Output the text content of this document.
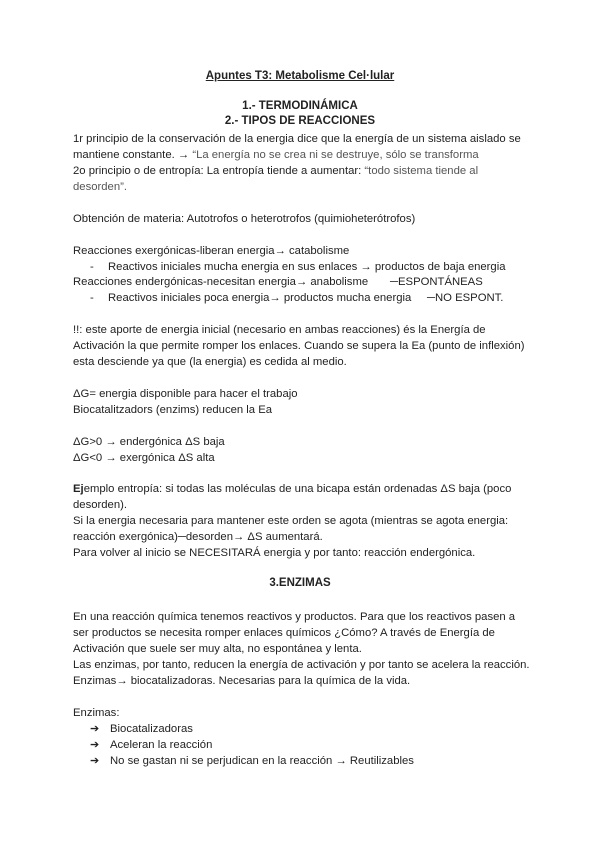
Apuntes T3: Metabolisme Cel·lular
1.- TERMODINÁMICA
2.- TIPOS DE REACCIONES
1r principio de la conservación de la energia dice que la energía de un sistema aislado se
mantiene constante. → “La energía no se crea ni se destruye, sólo se transforma
2o principio o de entropía: La entropía tiende a aumentar: “todo sistema tiende al
desorden”.
Obtención de materia: Autotrofos o heterotrofos (quimioheterótrofos)
Reacciones exergónicas-liberan energia→ catabolisme
- Reactivos iniciales mucha energia en sus enlaces → productos de baja energia
Reacciones endergónicas-necesitan energia→ anabolisme ─ESPONTÁNEAS
- Reactivos iniciales poca energia→ productos mucha energia ─NO ESPONT.
!!: este aporte de energia inicial (necesario en ambas reacciones) és la Energía de Activación la que permite romper los enlaces. Cuando se supera la Ea (punto de inflexión) esta desciende ya que (la energia) es cedida al medio.
ΔG= energia disponible para hacer el trabajo
Biocatalitzadors (enzims) reducen la Ea
ΔG>0 → endergónica ΔS baja
ΔG<0 → exergónica ΔS alta
Ejemplo entropía: si todas las moléculas de una bicapa están ordenadas ΔS baja (poco desorden).
Si la energia necesaria para mantener este orden se agota (mientras se agota energia: reacción exergónica)─desorden→ ΔS aumentará.
Para volver al inicio se NECESITARÁ energia y por tanto: reacción endergónica.
3.ENZIMAS
En una reacción química tenemos reactivos y productos. Para que los reactivos pasen a ser productos se necesita romper enlaces químicos ¿Cómo? A través de Energía de Activación que suele ser muy alta, no espontánea y lenta.
Las enzimas, por tanto, reducen la energía de activación y por tanto se acelera la reacción. Enzimas→ biocatalizadoras. Necesarias para la química de la vida.
Enzimas:
➔ Biocatalizadoras
➔ Aceleran la reacción
➔ No se gastan ni se perjudican en la reacción → Reutilizables
